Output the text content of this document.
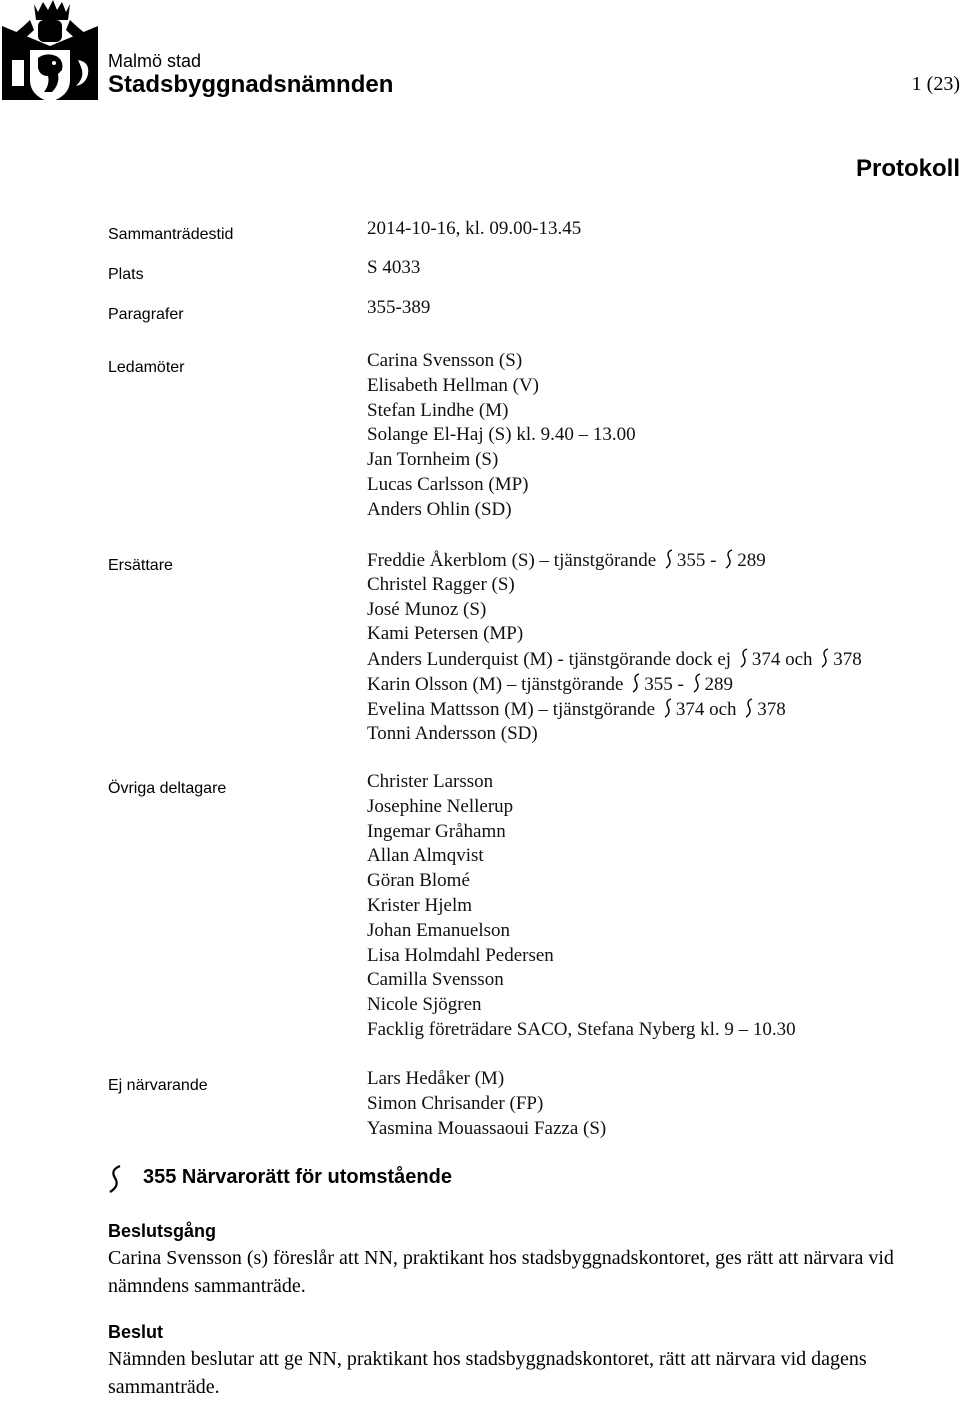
Malmö stad
Stadsbyggnadsnämnden	1 (23)
Protokoll
Sammanträdestid	2014-10-16, kl. 09.00-13.45
Plats	S 4033
Paragrafer	355-389
Ledamöter	Carina Svensson (S)
Elisabeth Hellman (V)
Stefan Lindhe (M)
Solange El-Haj (S) kl. 9.40 – 13.00
Jan Tornheim (S)
Lucas Carlsson (MP)
Anders Ohlin (SD)
Ersättare	Freddie Åkerblom (S) – tjänstgörande 355 - 289
Christel Ragger (S)
José Munoz (S)
Kami Petersen (MP)
Anders Lunderquist (M) - tjänstgörande dock ej 374 och 378
Karin Olsson (M) – tjänstgörande 355 - 289
Evelina Mattsson (M) – tjänstgörande 374 och 378
Tonni Andersson (SD)
Övriga deltagare	Christer Larsson
Josephine Nellerup
Ingemar Gråhamn
Allan Almqvist
Göran Blomé
Krister Hjelm
Johan Emanuelson
Lisa Holmdahl Pedersen
Camilla Svensson
Nicole Sjögren
Facklig företrädare SACO, Stefana Nyberg kl. 9 – 10.30
Ej närvarande	Lars Hedåker (M)
Simon Chrisander (FP)
Yasmina Mouassaoui Fazza (S)
355 Närvarorätt för utomstående
Beslutsgång
Carina Svensson (s) föreslår att NN, praktikant hos stadsbyggnadskontoret, ges rätt att närvara vid nämndens sammanträde.
Beslut
Nämnden beslutar att ge NN, praktikant hos stadsbyggnadskontoret, rätt att närvara vid dagens sammanträde.
